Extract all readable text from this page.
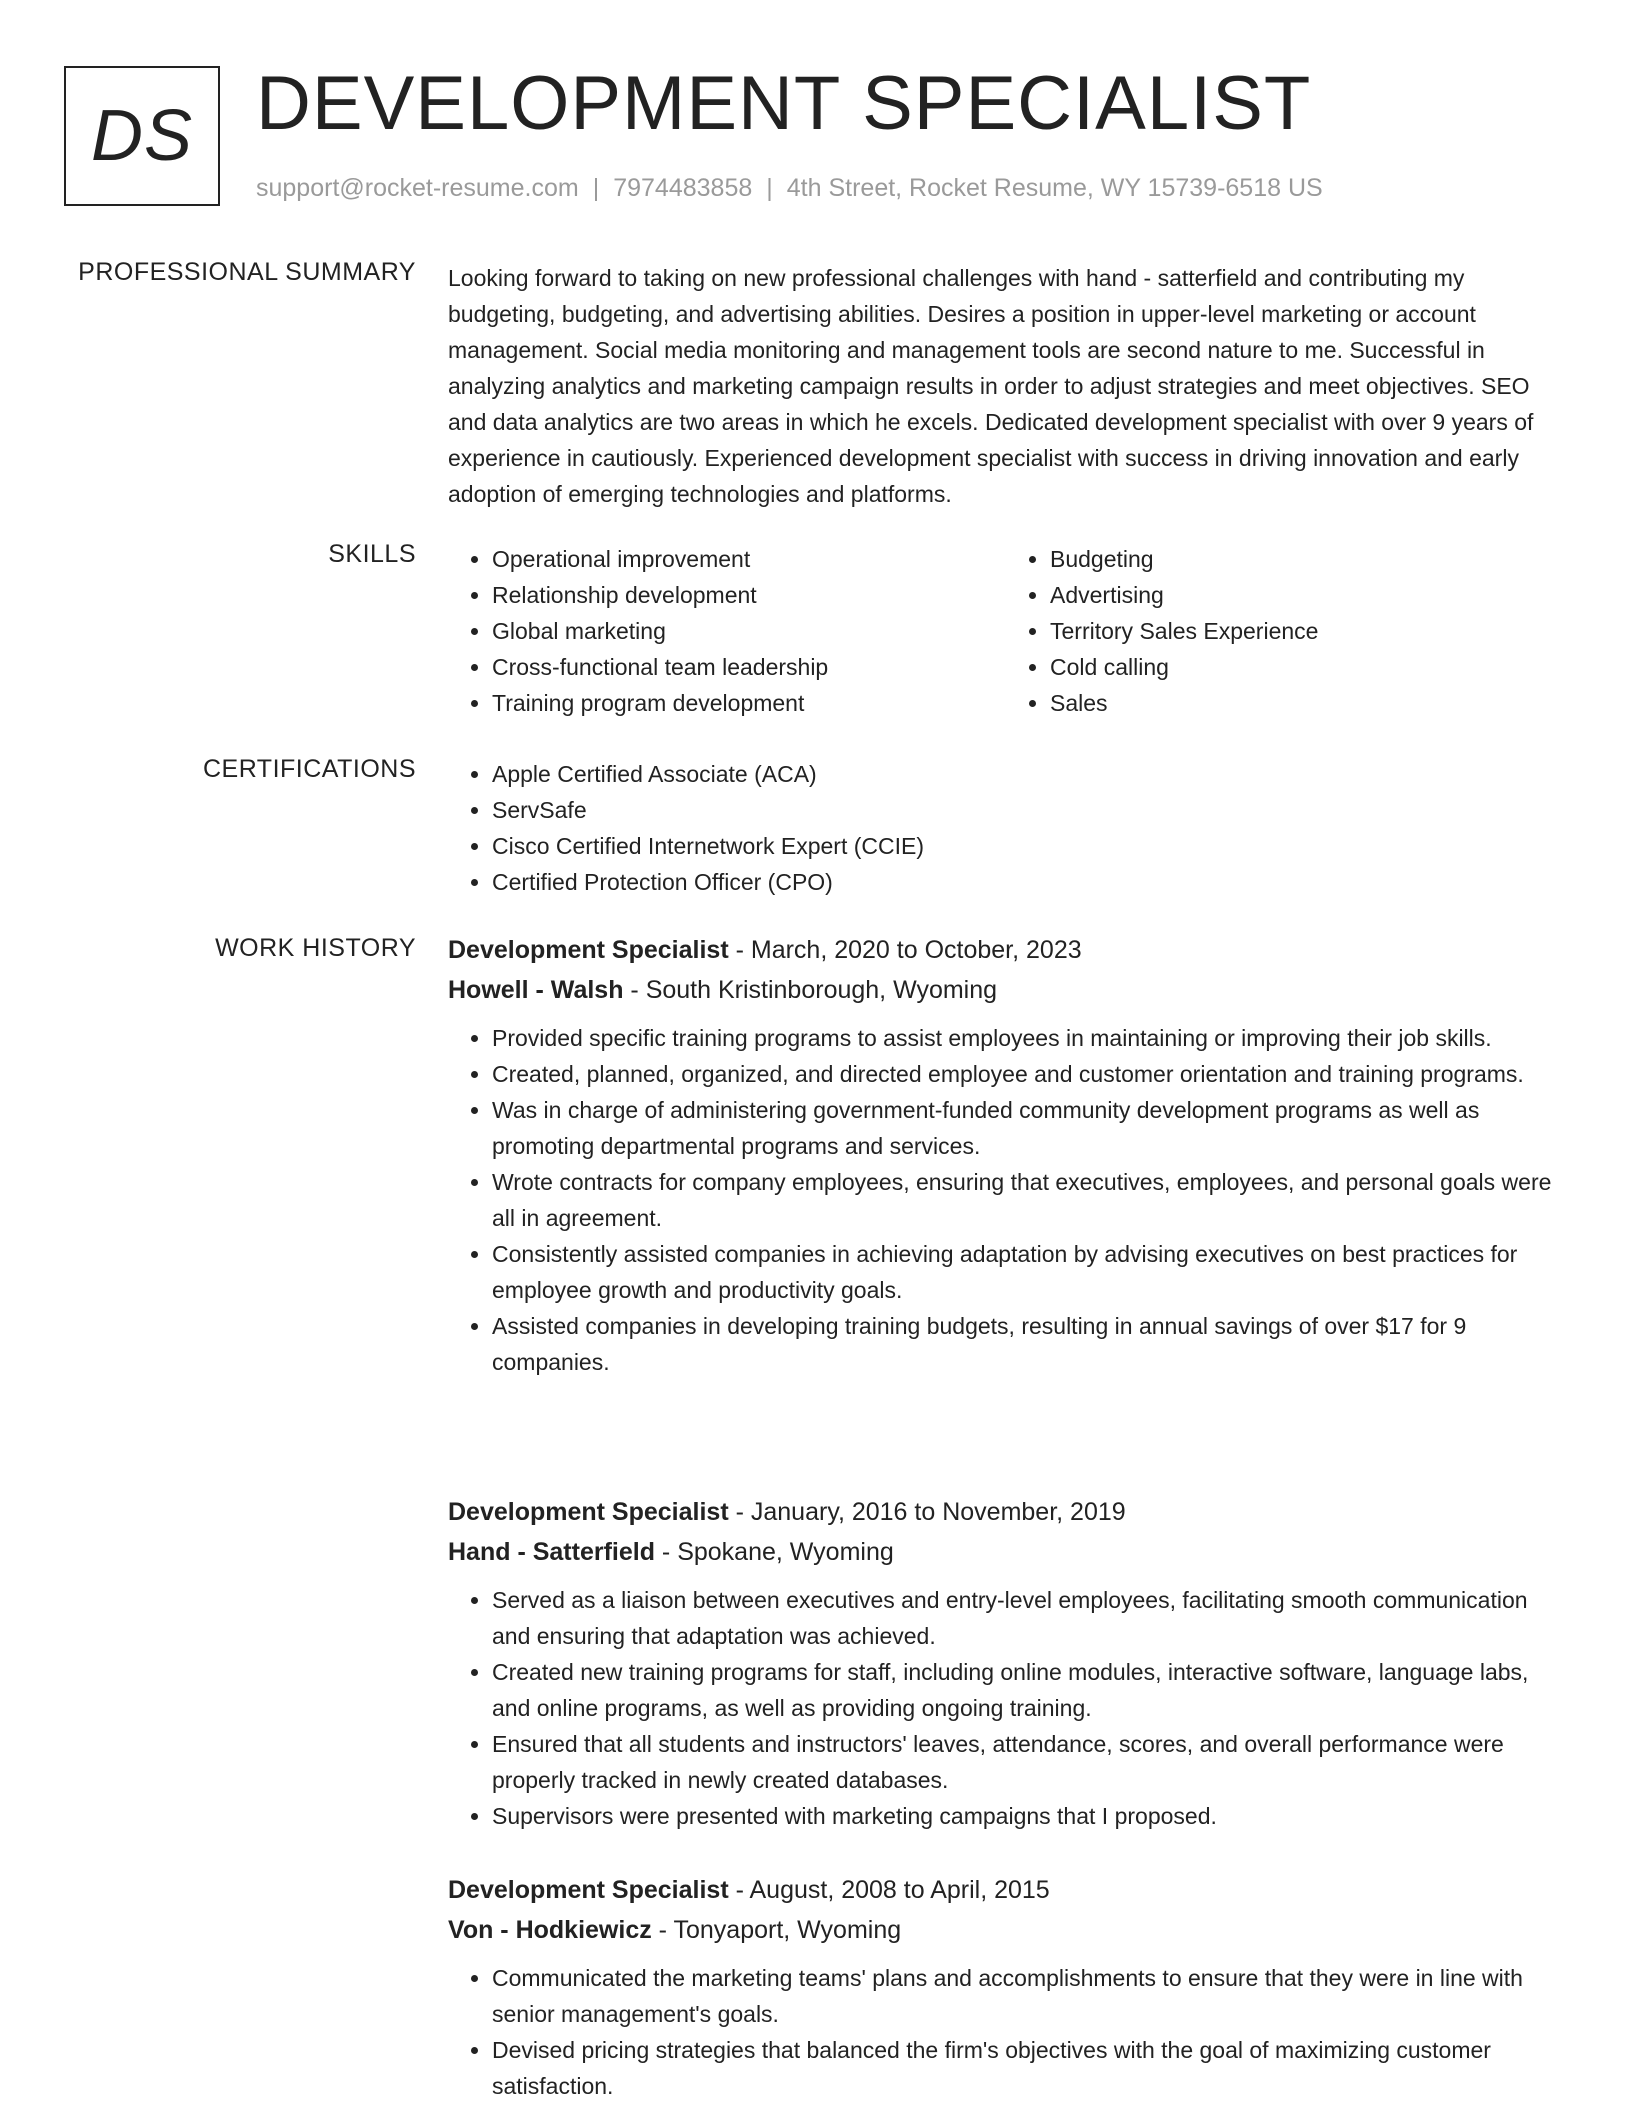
DS DEVELOPMENT SPECIALIST
support@rocket-resume.com | 7974483858 | 4th Street, Rocket Resume, WY 15739-6518 US
PROFESSIONAL SUMMARY Looking forward to taking on new professional challenges with hand - satterfield and contributing my budgeting, budgeting, and advertising abilities. Desires a position in upper-level marketing or account management. Social media monitoring and management tools are second nature to me. Successful in analyzing analytics and marketing campaign results in order to adjust strategies and meet objectives. SEO and data analytics are two areas in which he excels. Dedicated development specialist with over 9 years of experience in cautiously. Experienced development specialist with success in driving innovation and early adoption of emerging technologies and platforms.
SKILLS	• Operational improvement
• Relationship development
• Global marketing
• Cross-functional team leadership
• Training program development
• Budgeting
• Advertising
• Territory Sales Experience
• Cold calling
• Sales
CERTIFICATIONS	• Apple Certified Associate (ACA)
• ServSafe
• Cisco Certified Internetwork Expert (CCIE)
• Certified Protection Officer (CPO)
WORK HISTORY Development Specialist - March, 2020 to October, 2023
Howell - Walsh - South Kristinborough, Wyoming
• Provided specific training programs to assist employees in maintaining or improving their job skills.
• Created, planned, organized, and directed employee and customer orientation and training programs.
• Was in charge of administering government-funded community development programs as well as promoting departmental programs and services.
• Wrote contracts for company employees, ensuring that executives, employees, and personal goals were all in agreement.
• Consistently assisted companies in achieving adaptation by advising executives on best practices for employee growth and productivity goals.
• Assisted companies in developing training budgets, resulting in annual savings of over $17 for 9 companies.
Development Specialist - January, 2016 to November, 2019
Hand - Satterfield - Spokane, Wyoming
• Served as a liaison between executives and entry-level employees, facilitating smooth communication and ensuring that adaptation was achieved.
• Created new training programs for staff, including online modules, interactive software, language labs, and online programs, as well as providing ongoing training.
• Ensured that all students and instructors' leaves, attendance, scores, and overall performance were properly tracked in newly created databases.
• Supervisors were presented with marketing campaigns that I proposed.
Development Specialist - August, 2008 to April, 2015
Von - Hodkiewicz - Tonyaport, Wyoming
• Communicated the marketing teams' plans and accomplishments to ensure that they were in line with senior management's goals.
• Devised pricing strategies that balanced the firm's objectives with the goal of maximizing customer satisfaction.
